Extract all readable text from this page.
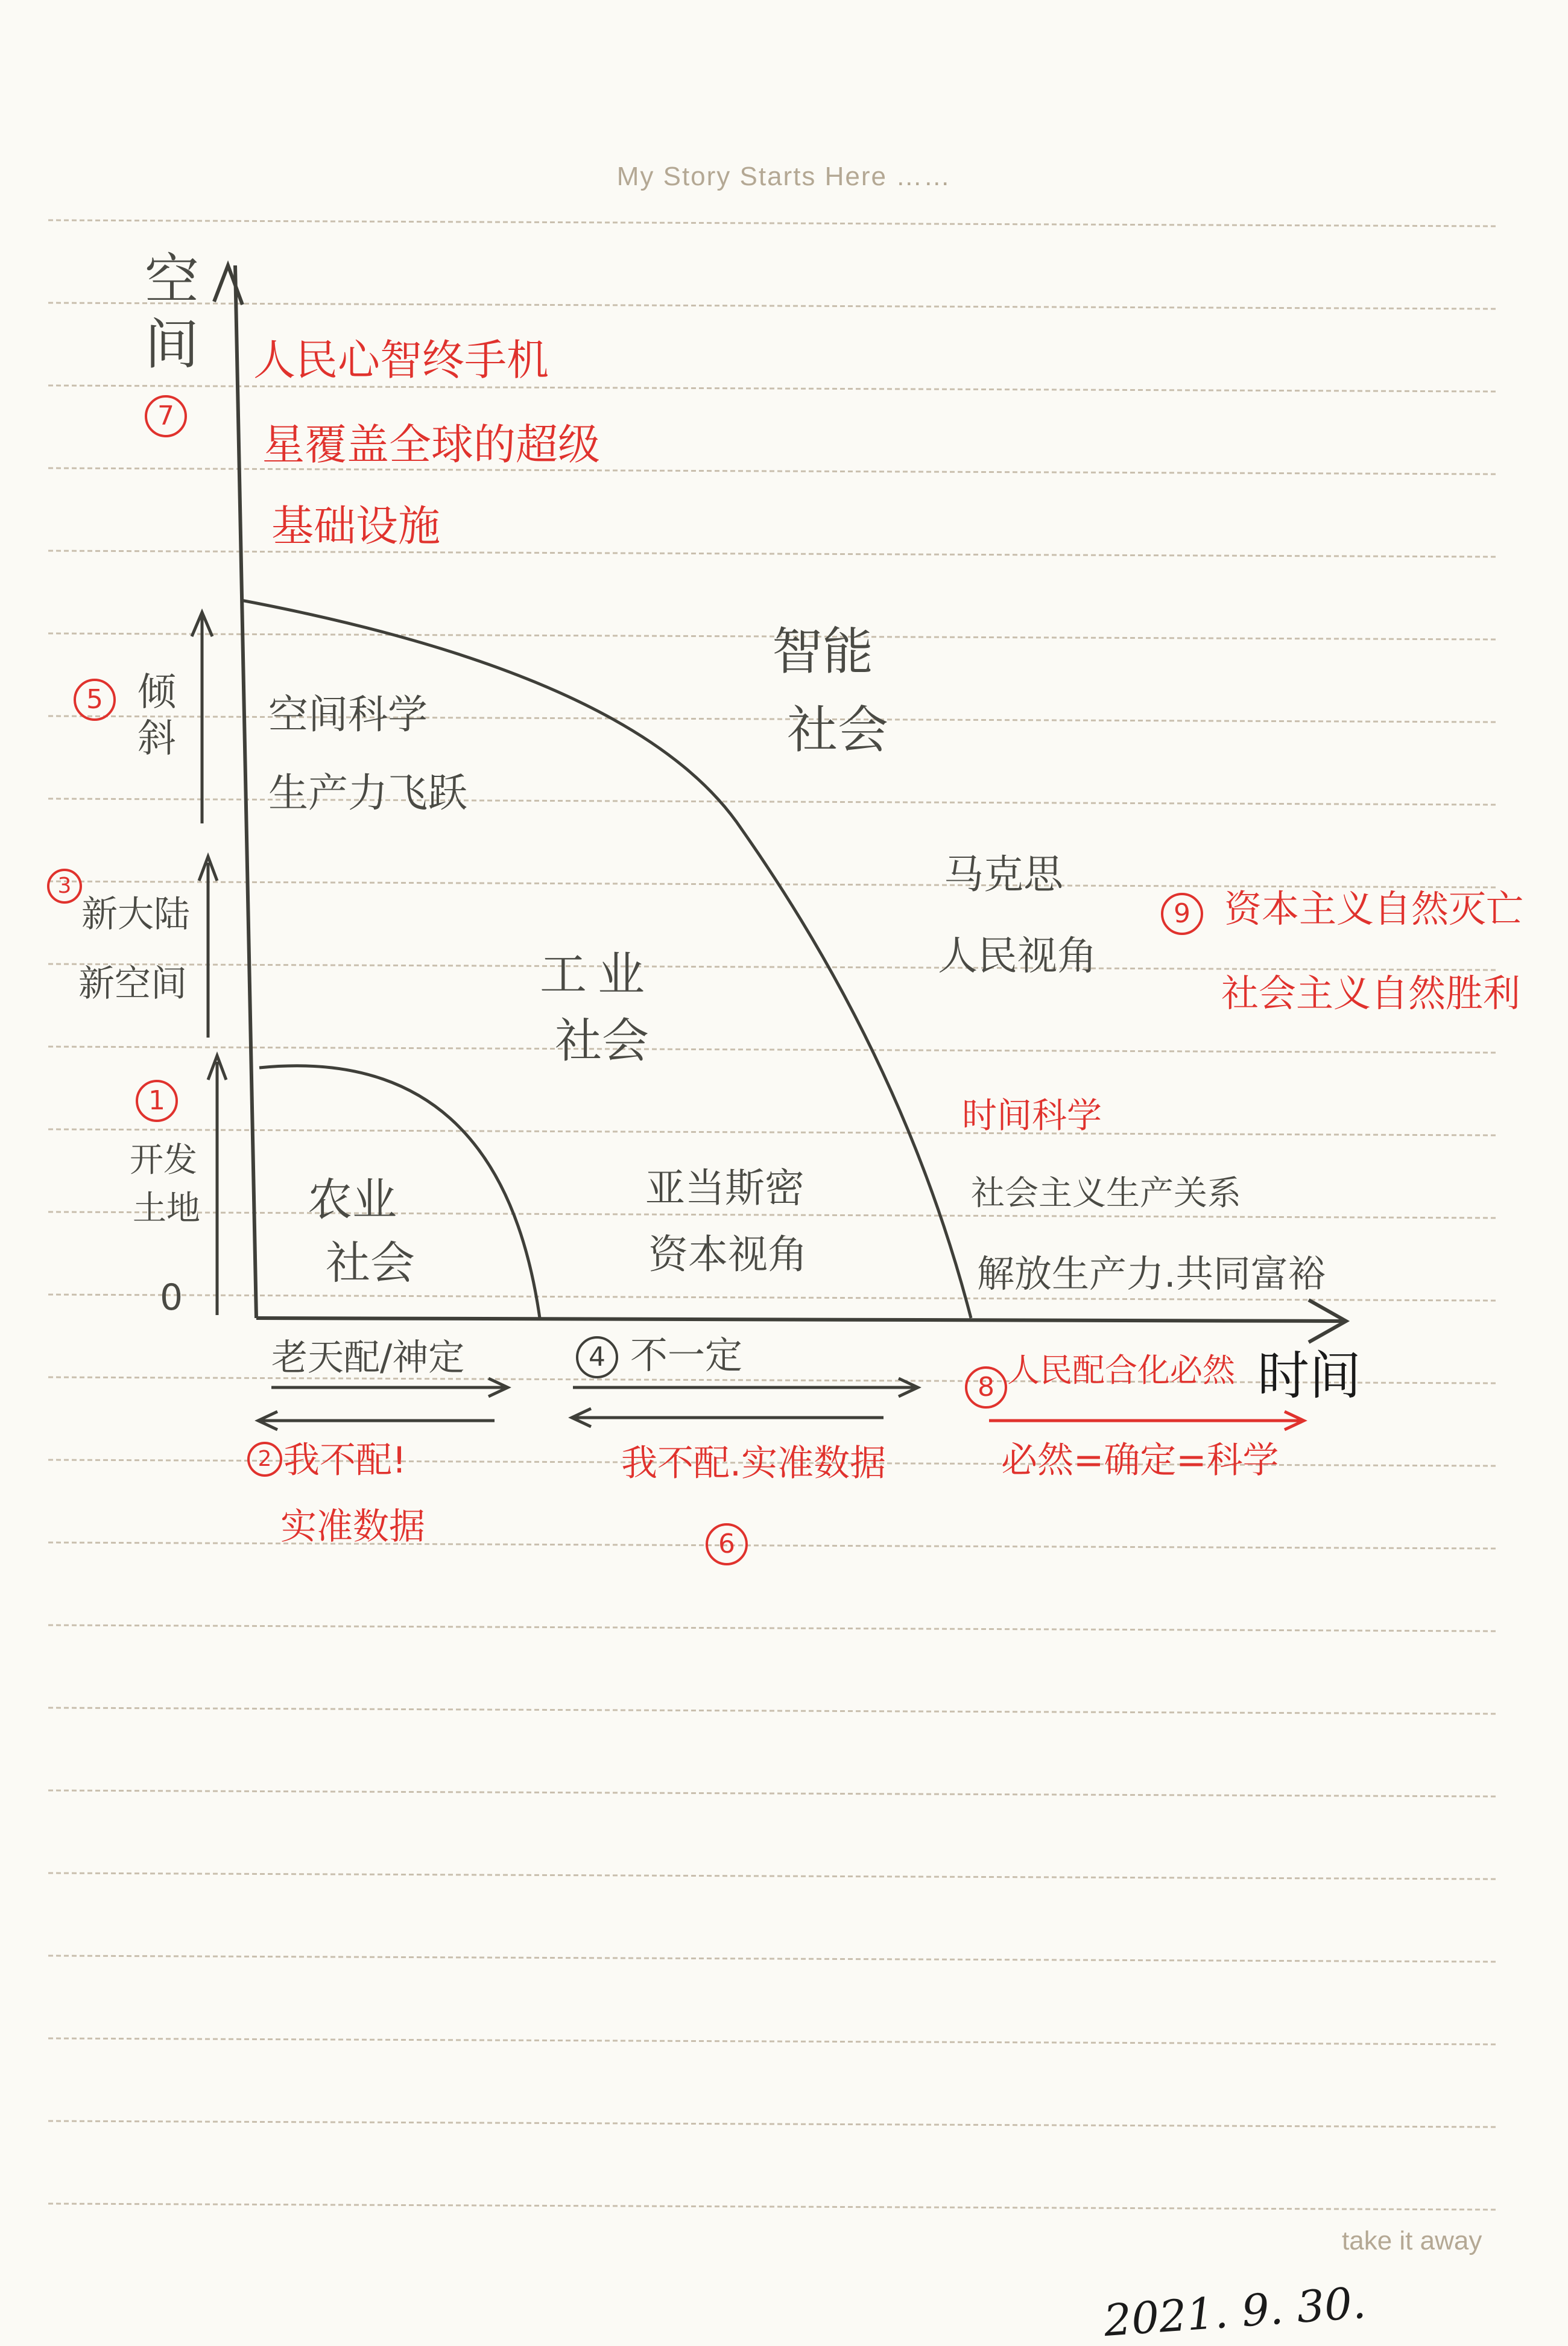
My Story Starts Here ……
take it away
2021. 9. 30.
空间
时间
0
农业
社会
工业
社会
智能
社会
空间科学
生产力飞跃
亚当斯密
资本视角
马克思
人民视角
倾斜
新大陆
新空间
开发
土地
老天配/神定	不一定
人民心智终手机
星覆盖全球的超级
基础设施
资本主义自然灭亡
社会主义自然胜利
时间科学
社会主义生产关系
解放生产力.共同富裕
人民配合化必然
必然=确定=科学
我不配!
实准数据
我不配.实准数据
7
5
3
1
2
4
6
8
9
